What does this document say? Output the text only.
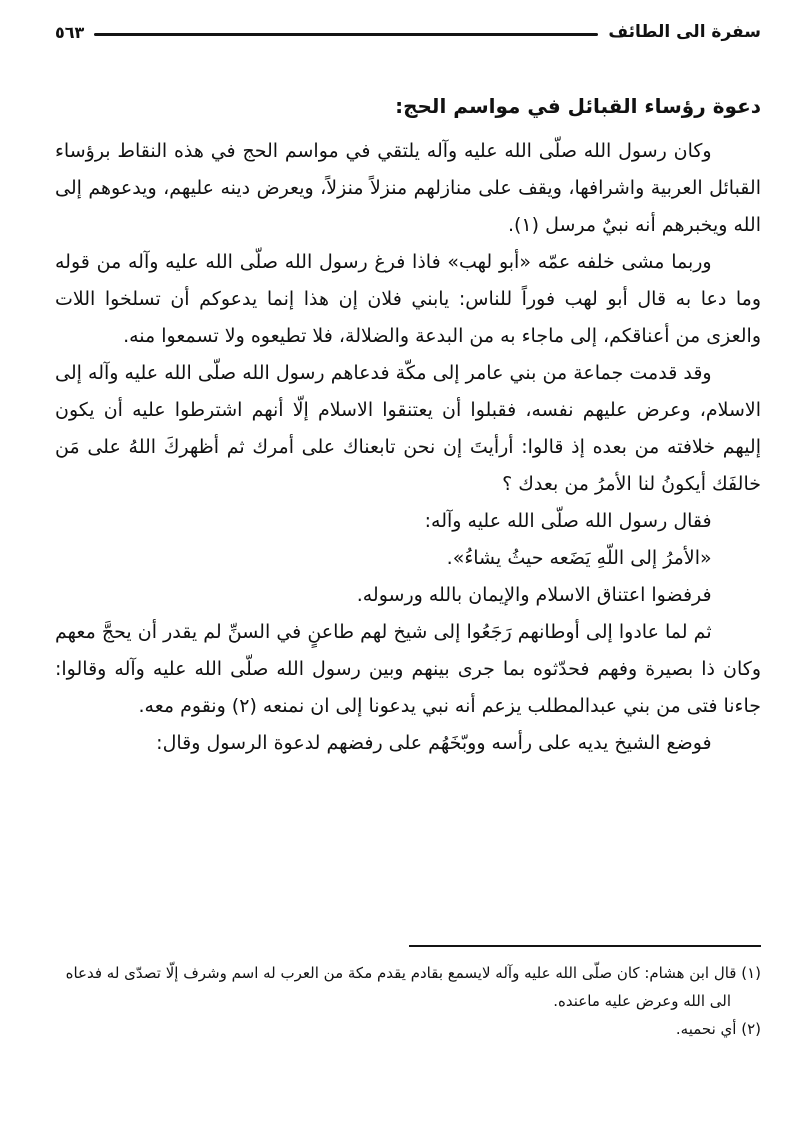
سفرة الى الطائف
٥٦٣
دعوة رؤساء القبائل في مواسم الحج:

وكان رسول الله صلّى الله عليه وآله يلتقي في مواسم الحج في هذه النقاط برؤساء القبائل العربية واشرافها، ويقف على منازلهم منزلاً منزلاً، ويعرض دينه عليهم، ويدعوهم إلى الله ويخبرهم أنه نبيٌ مرسل (١).

وربما مشى خلفه عمّه «أبو لهب» فاذا فرغ رسول الله صلّى الله عليه وآله من قوله وما دعا به قال أبو لهب فوراً للناس: يابني فلان إن هذا إنما يدعوكم أن تسلخوا اللات والعزى من أعناقكم، إلى ماجاء به من البدعة والضلالة، فلا تطيعوه ولا تسمعوا منه.

وقد قدمت جماعة من بني عامر إلى مكّة فدعاهم رسول الله صلّى الله عليه وآله إلى الاسلام، وعرض عليهم نفسه، فقبلوا أن يعتنقوا الاسلام إلّا أنهم اشترطوا عليه أن يكون إليهم خلافته من بعده إذ قالوا: أرأيتَ إن نحن تابعناك على أمرك ثم أظهركَ اللهُ على مَن خالفَك أيكونُ لنا الأمرُ من بعدك ؟

فقال رسول الله صلّى الله عليه وآله:

«الأمرُ إلى اللّهِ يَضَعه حيثُ يشاءُ».

فرفضوا اعتناق الاسلام والإيمان بالله ورسوله.

ثم لما عادوا إلى أوطانهم رَجَعُوا إلى شيخ لهم طاعنٍ في السنِّ لم يقدر أن يحجَّ معهم وكان ذا بصيرة وفهم فحدّثوه بما جرى بينهم وبين رسول الله صلّى الله عليه وآله وقالوا: جاءنا فتى من بني عبدالمطلب يزعم أنه نبي يدعونا إلى ان نمنعه (٢) ونقوم معه.

فوضع الشيخ يديه على رأسه ووبّخَهُم على رفضهم لدعوة الرسول وقال:

(١) قال ابن هشام: كان صلّى الله عليه وآله لايسمع بقادم يقدم مكة من العرب له اسم وشرف إلّا تصدّى له فدعاه الى الله وعرض عليه ماعنده.

(٢) أي نحميه.
